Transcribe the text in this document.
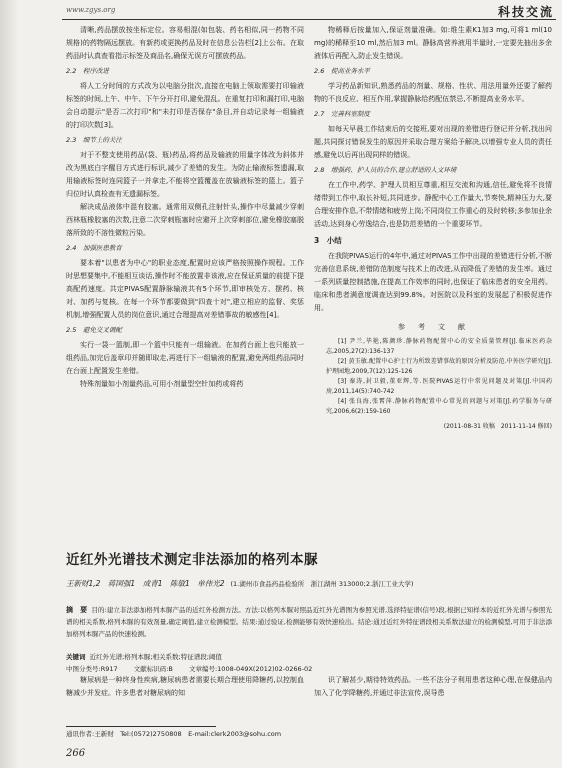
www.zgys.org	科技交流

清晰,药品摆放按坐标定位。容易相混(如包装、药名相似,同一药物不同规格)的药物隔远摆放。有新药或更换药品及时在信息公告栏[2]上公布。在取药品时认真查看指示标签及商品名,确保无误方可摆放药品。

2.2　程序改进

将人工分时间的方式改为以电脑分批次,直接在电脑上领取需要打印输液标签的时间,上午、中午、下午分开打印,避免混乱。在重复打印和漏打印,电脑会自动提示"是否二次打印"和"未打印是否保存"条目,并自动记录每一组输液的打印次数[3]。

2.3　细节上的关注

对于不整支使用药品(袋、瓶)药品,将药品及输液的用量字体改为斜体并改为黑底白字醒目方式进行标识,减少了差错的发生。为防止输液标签遗漏,取用输液标签时连同篮子一并拿走,不能将空篮覆盖在放输液标签的篮上。篮子归位时认真检查有无遗漏标签。

解决成品液体中混有胶塞。通常用双侧孔注射针头,操作中尽量减少穿刺西林瓶橡胶塞的次数,注意二次穿刺瓶塞时应避开上次穿刺部位,避免橡胶塞脱落所致的不溶性微粒污染。

2.4　加强医患教育

要本着"以患者为中心"的职业态度,配置时应该严格按照操作规程。工作时思想要集中,不能相互谈话,操作时不能放置非该液,应在保证质量的前提下提高配药速度。共定PIVAS配置静脉输液共有5个环节,即审核处方、摆药、核对、加药与复核。在每一个环节都要做到"四查十对",建立相应的监督、奖惩机制,增强配置人员的岗位意识,通过合理提高对差错事故的敏感性[4]。

2.5　避免交叉调配

实行一袋一篮制,即一个篮中只能有一组输液。在加药台面上也只能放一组药品,加完后盖章印并随即取走,再进行下一组输液的配置,避免两组药品同时在台面上配置发生差错。

特殊剂量如小剂量药品,可用小剂量型空针加药或将药

物稀释后按量加入,保证剂量准确。如:维生素K1加3 mg,可将1 ml(10 mg)的稀释至10 ml,然后加3 ml。静脉高营养液用半量时,一定要先抽出多余液体后再配入,防止发生错误。

2.6　提高业务水平

学习药品新知识,熟悉药品的剂量、规格、性状、用法用量外还要了解药物的不良反应、相互作用,掌握静脉给药配伍禁忌,不断提高业务水平。

2.7　完善科室制度

如每天早晨工作结束后的交接班,要对出现的差错进行登记并分析,找出问题,共同探讨错误发生的原因并采取合理方案给予解决,以增强专业人员的责任感,避免以后再出现同样的错误。

2.8　增强药、护人员的合作,建立舒适的人文环境

在工作中,药学、护理人员相互尊重,相互交流和沟通,信任,避免将不良情绪带到工作中,取长补短,共同进步。静配中心工作量大,节奏快,精神压力大,要合理安排作息,不带情绪和疲劳上岗;不同岗位工作重心的及时转移;多参加业余活动,达到身心劳逸结合,也是防范差错的一个重要环节。

3　小结

在我院PIVAS运行的4年中,通过对PIVAS工作中出现的差错进行分析,不断完善信息系统,差错防范制度与技术上的改进,从而降低了差错的发生率。通过一系列质量控制措施,在提高工作效率的同时,也保证了临床患者的安全用药。临床和患者满意度调查达到99.8%。对医院以及科室的发展起了积极促进作用。

参　考　文　献

[1] 尹兰,毕艳,陈颜珍.静脉药物配置中心的安全质量管理[J].临床医药杂志,2005,27(2):136-137

[2] 黄玉敏.配置中心护士行为所致差错事故的原因分析及防范.中外医学研究[J].护理园地,2009,7(12):125-126

[3] 秦涛,封卫毅,董亚辉,等.医院PIVAS运行中常见问题及对策[J].中国药房,2011,14(5):740-742

[4] 张良海,张霄萍.静脉药物配置中心常见的问题与对策[J].药学服务与研究,2006,6(2):159-160

(2011-08-31 收稿　2011-11-14 修回)
近红外光谱技术测定非法添加的格列本脲
王新财1,2　蒋国强1　成青1　陈敏1　单伟光2 (1.湖州市食品药品检验所　浙江湖州 313000;2.浙江工业大学)
摘　要 目的:建立非法添加格列本脲产品的近红外检测方法。方法:以格列本脲对照品近红外光谱图为参照光谱,选择特征谱(信号)段,根据已知样本的近红外光谱与参照光谱的相关系数,格列本脲的有效剂量,确定阈值,建立检测模型。结果:通过验证,检测能够有效快速检出。结论:通过近红外特征谱段相关系数法建立的检测模型,可用于非法添加格列本脲产品的快速检测。
关键词 近红外光谱;格列本脲;相关系数;特征谱段;阈值
中图分类号:R917 文献标识码:B 文章编号:1008-049X(2012)02-0266-02

糖尿病是一种终身性疾病,糖尿病患者需要长期合理使用降糖药,以控制血糖减少并发症。许多患者对糖尿病的知

识了解甚少,期待特效药品。一些不法分子利用患者这种心理,在保健品内加入了化学降糖药,并通过非法宣传,误导患

通讯作者:王新财　Tel:(0572)2750808　E-mail:clerk2003@sohu.com
266
